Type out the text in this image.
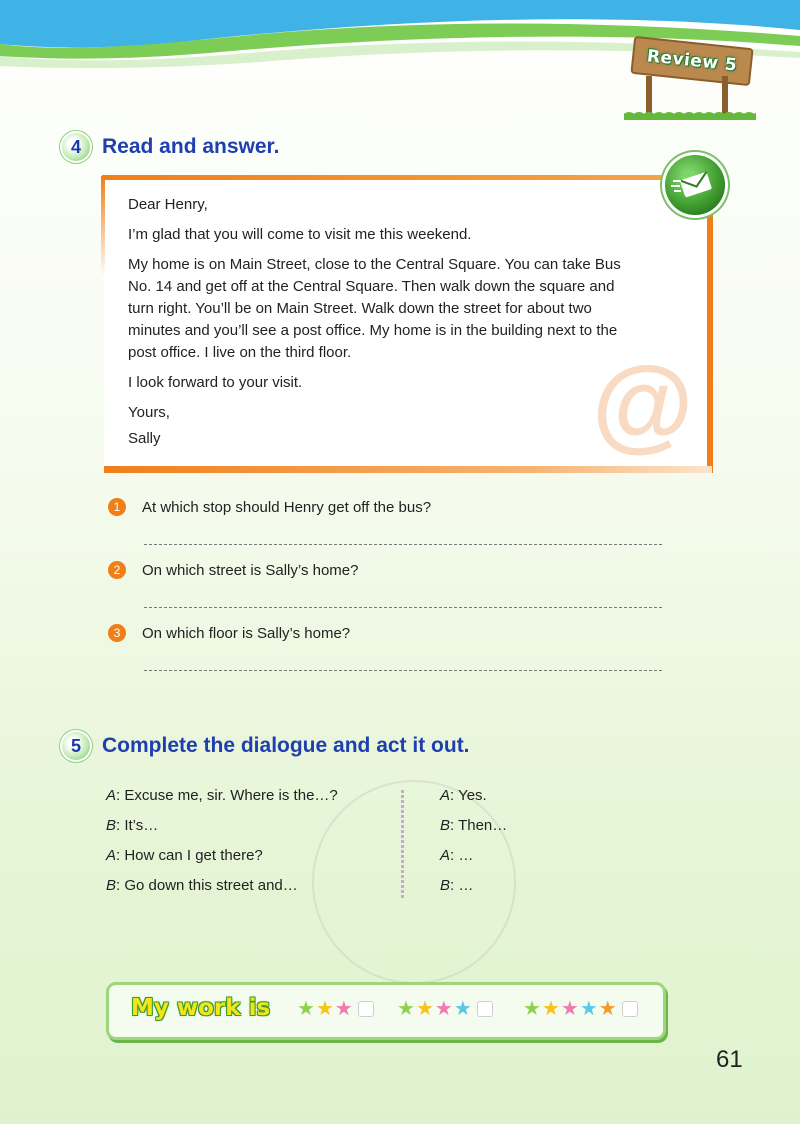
Review 5
4	Read and answer.
@

Dear Henry,

I’m glad that you will come to visit me this weekend.

My home is on Main Street, close to the Central Square. You can take Bus
No. 14 and get off at the Central Square. Then walk down the square and
turn right. You’ll be on Main Street. Walk down the street for about two
minutes and you’ll see a post office. My home is in the building next to the
post office. I live on the third floor.

I look forward to your visit.

Yours,

Sally

1	At which stop should Henry get off the bus?
2	On which street is Sally’s home?
3	On which floor is Sally’s home?
5	Complete the dialogue and act it out.
A: Excuse me, sir. Where is the…?
B: It’s…
A: How can I get there?
B: Go down this street and…
A: Yes.
B: Then…
A: …
B: …
My work is ★ ★ ★ ★ ★ ★ ★	★ ★ ★ ★ ★
61
